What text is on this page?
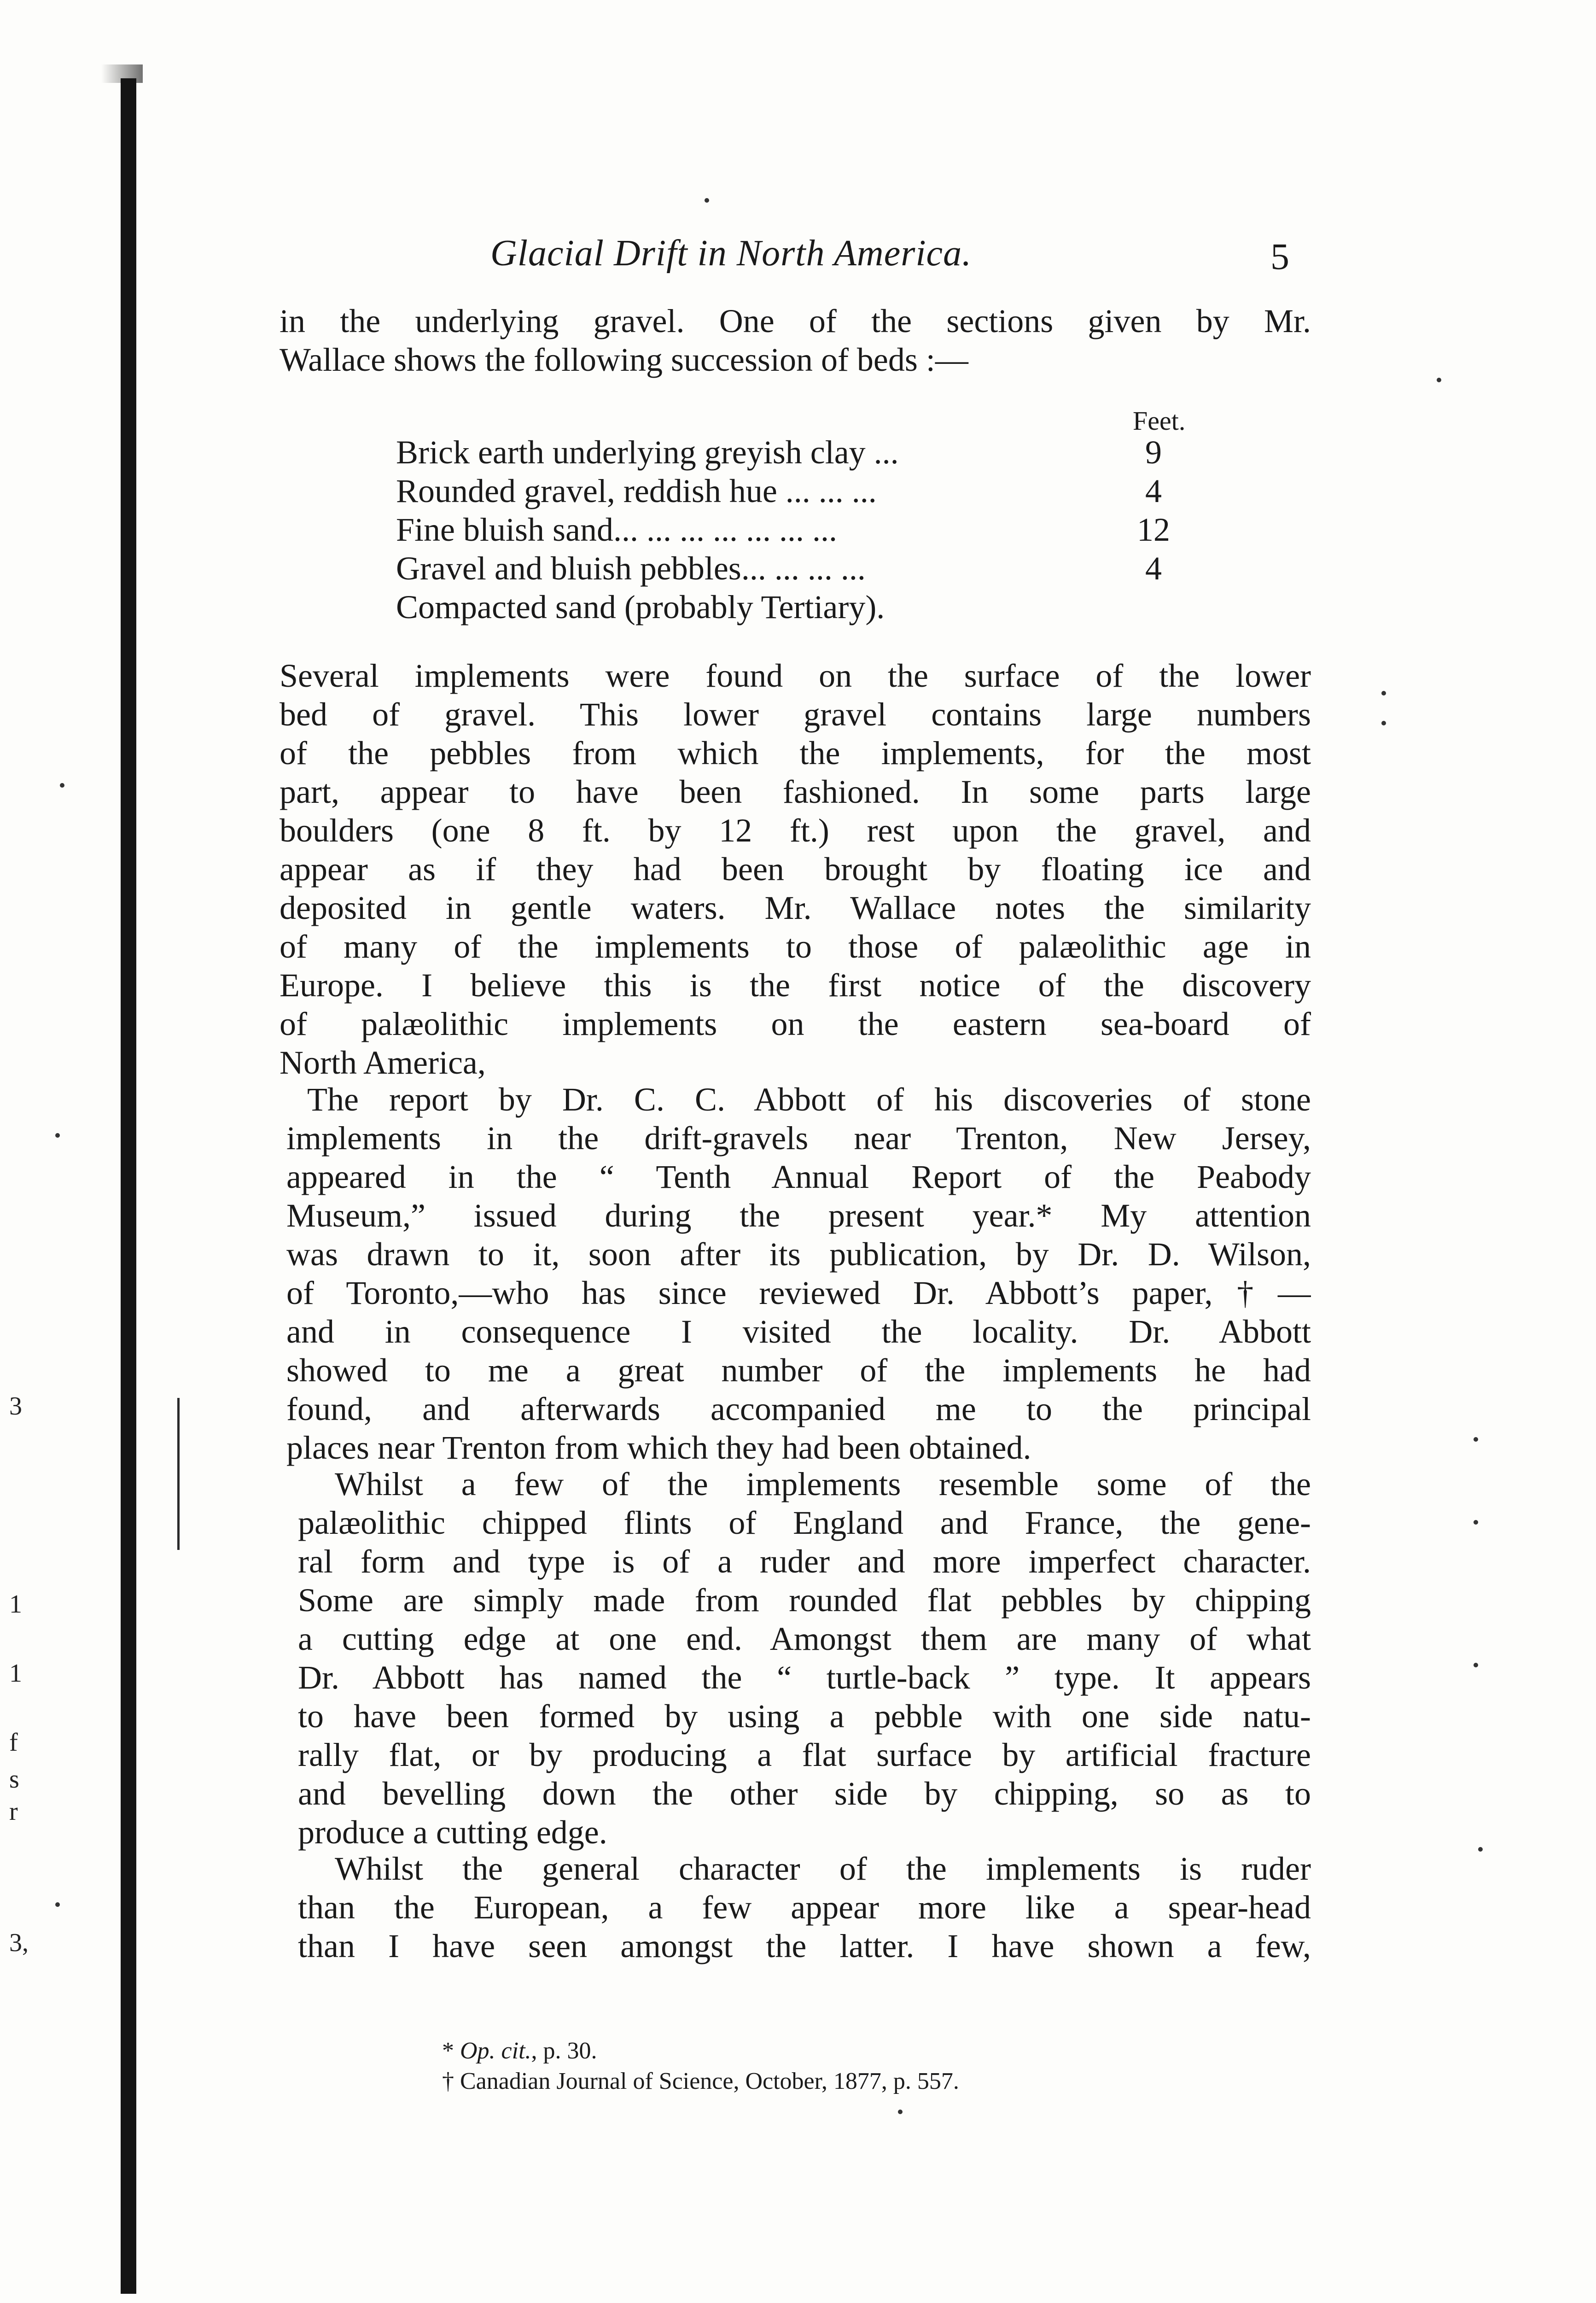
3
1
1
f
s
r
3,
Glacial Drift in North America.	5
in the underlying gravel. One of the sections given by Mr.
Wallace shows the following succession of beds :—
Feet.
Brick earth underlying greyish clay ...	9
Rounded gravel, reddish hue ... ... ...	4
Fine bluish sand... ... ... ... ... ... ...	12
Gravel and bluish pebbles... ... ... ...	4
Compacted sand (probably Tertiary).
Several implements were found on the surface of the lower
bed of gravel. This lower gravel contains large numbers
of the pebbles from which the implements, for the most
part, appear to have been fashioned. In some parts large
boulders (one 8 ft. by 12 ft.) rest upon the gravel, and
appear as if they had been brought by floating ice and
deposited in gentle waters. Mr. Wallace notes the similarity
of many of the implements to those of palæolithic age in
Europe. I believe this is the first notice of the discovery
of palæolithic implements on the eastern sea-board of
North America,
The report by Dr. C. C. Abbott of his discoveries of stone
implements in the drift-gravels near Trenton, New Jersey,
appeared in the “ Tenth Annual Report of the Peabody
Museum,” issued during the present year.* My attention
was drawn to it, soon after its publication, by Dr. D. Wilson,
of Toronto,—who has since reviewed Dr. Abbott’s paper,†—
and in consequence I visited the locality. Dr. Abbott
showed to me a great number of the implements he had
found, and afterwards accompanied me to the principal
places near Trenton from which they had been obtained.
Whilst a few of the implements resemble some of the
palæolithic chipped flints of England and France, the gene-
ral form and type is of a ruder and more imperfect character.
Some are simply made from rounded flat pebbles by chipping
a cutting edge at one end. Amongst them are many of what
Dr. Abbott has named the “ turtle-back ” type. It appears
to have been formed by using a pebble with one side natu-
rally flat, or by producing a flat surface by artificial fracture
and bevelling down the other side by chipping, so as to
produce a cutting edge.
Whilst the general character of the implements is ruder
than the European, a few appear more like a spear-head
than I have seen amongst the latter. I have shown a few,
* Op. cit., p. 30.
† Canadian Journal of Science, October, 1877, p. 557.
